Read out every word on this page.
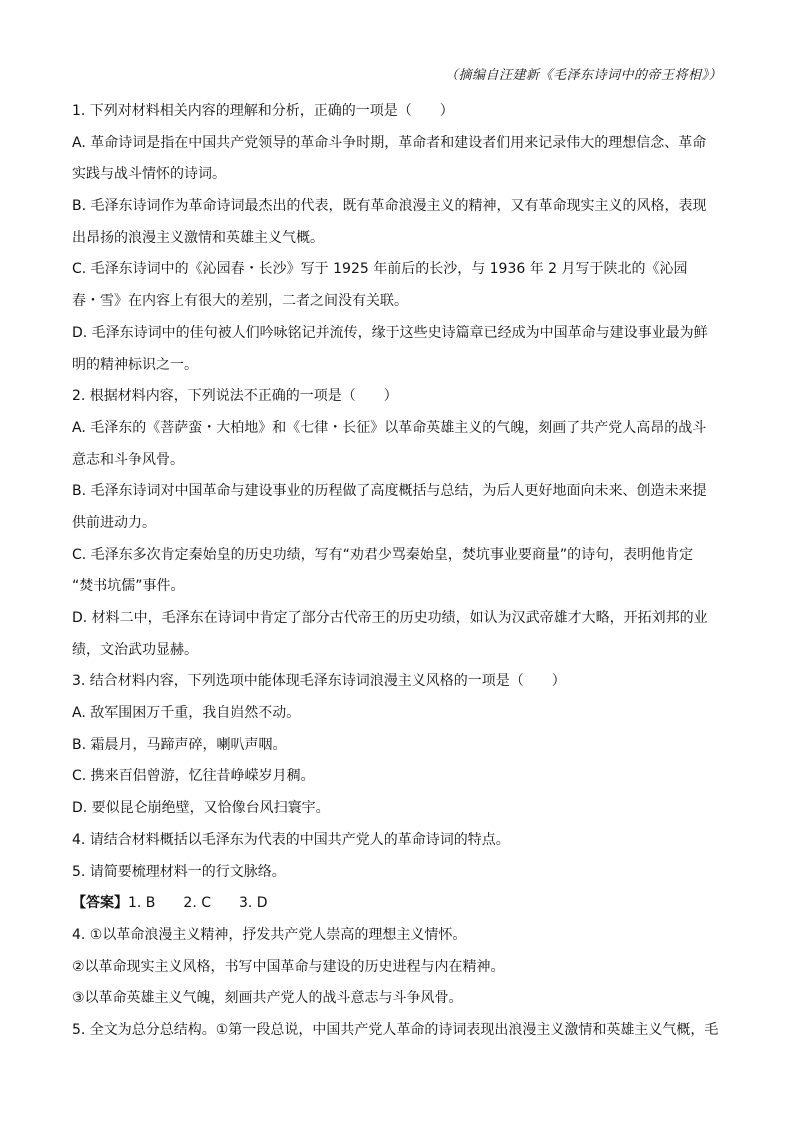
（摘编自汪建新《毛泽东诗词中的帝王将相》）
1. 下列对材料相关内容的理解和分析，正确的一项是（　　）
A. 革命诗词是指在中国共产党领导的革命斗争时期，革命者和建设者们用来记录伟大的理想信念、革命
实践与战斗情怀的诗词。
B. 毛泽东诗词作为革命诗词最杰出的代表，既有革命浪漫主义的精神，又有革命现实主义的风格，表现
出昂扬的浪漫主义激情和英雄主义气概。
C. 毛泽东诗词中的《沁园春・长沙》写于 1925 年前后的长沙，与 1936 年 2 月写于陕北的《沁园
春・雪》在内容上有很大的差别，二者之间没有关联。
D. 毛泽东诗词中的佳句被人们吟咏铭记并流传，缘于这些史诗篇章已经成为中国革命与建设事业最为鲜
明的精神标识之一。
2. 根据材料内容，下列说法不正确的一项是（　　）
A. 毛泽东的《菩萨蛮・大柏地》和《七律・长征》以革命英雄主义的气魄，刻画了共产党人高昂的战斗
意志和斗争风骨。
B. 毛泽东诗词对中国革命与建设事业的历程做了高度概括与总结，为后人更好地面向未来、创造未来提
供前进动力。
C. 毛泽东多次肯定秦始皇的历史功绩，写有“劝君少骂秦始皇，焚坑事业要商量”的诗句，表明他肯定
“焚书坑儒”事件。
D. 材料二中，毛泽东在诗词中肯定了部分古代帝王的历史功绩，如认为汉武帝雄才大略，开拓刘邦的业
绩，文治武功显赫。
3. 结合材料内容，下列选项中能体现毛泽东诗词浪漫主义风格的一项是（　　）
A. 敌军围困万千重，我自岿然不动。
B. 霜晨月，马蹄声碎，喇叭声咽。
C. 携来百侣曾游，忆往昔峥嵘岁月稠。
D. 要似昆仑崩绝壁，又恰像台风扫寰宇。
4. 请结合材料概括以毛泽东为代表的中国共产党人的革命诗词的特点。
5. 请简要梳理材料一的行文脉络。
【答案】1. B　　2. C　　3. D
4. ①以革命浪漫主义精神，抒发共产党人崇高的理想主义情怀。
②以革命现实主义风格，书写中国革命与建设的历史进程与内在精神。
③以革命英雄主义气魄，刻画共产党人的战斗意志与斗争风骨。
5. 全文为总分总结构。①第一段总说，中国共产党人革命的诗词表现出浪漫主义激情和英雄主义气概，毛
